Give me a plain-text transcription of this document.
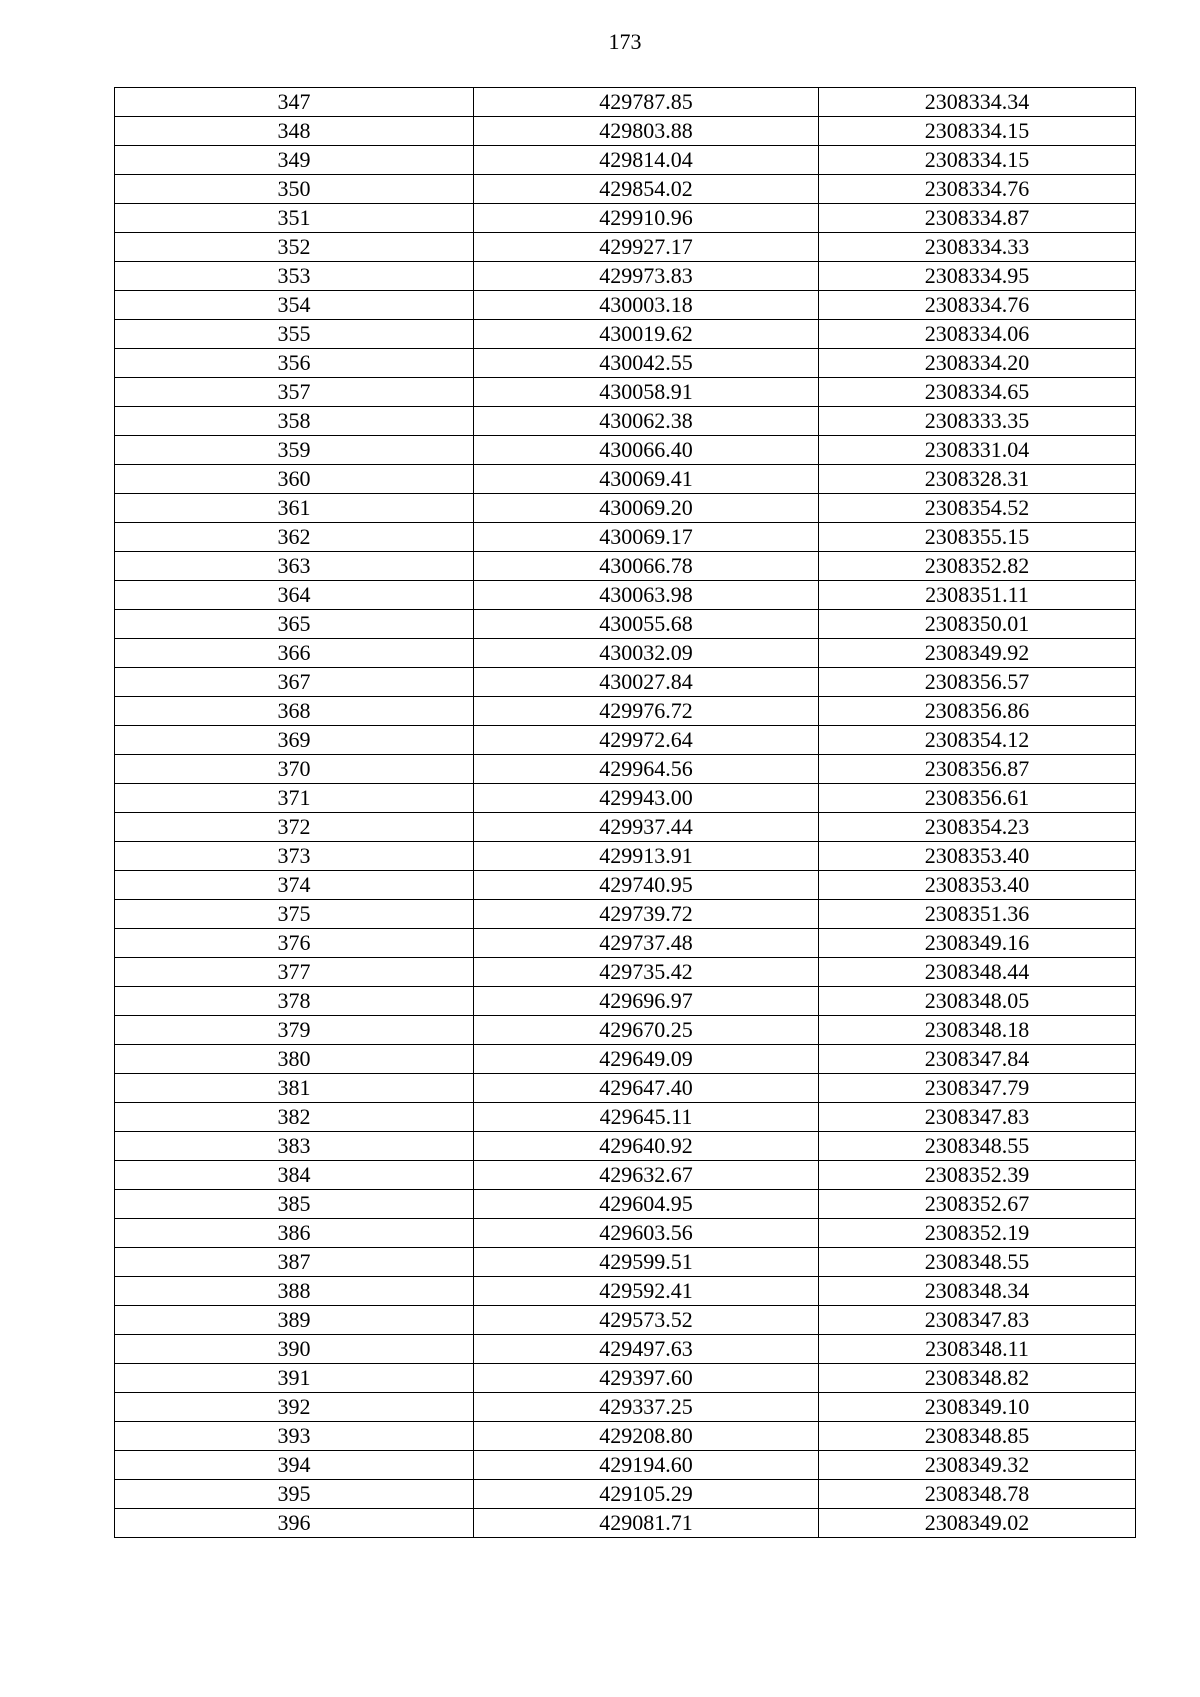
173
347	429787.85	2308334.34
348	429803.88	2308334.15
349	429814.04	2308334.15
350	429854.02	2308334.76
351	429910.96	2308334.87
352	429927.17	2308334.33
353	429973.83	2308334.95
354	430003.18	2308334.76
355	430019.62	2308334.06
356	430042.55	2308334.20
357	430058.91	2308334.65
358	430062.38	2308333.35
359	430066.40	2308331.04
360	430069.41	2308328.31
361	430069.20	2308354.52
362	430069.17	2308355.15
363	430066.78	2308352.82
364	430063.98	2308351.11
365	430055.68	2308350.01
366	430032.09	2308349.92
367	430027.84	2308356.57
368	429976.72	2308356.86
369	429972.64	2308354.12
370	429964.56	2308356.87
371	429943.00	2308356.61
372	429937.44	2308354.23
373	429913.91	2308353.40
374	429740.95	2308353.40
375	429739.72	2308351.36
376	429737.48	2308349.16
377	429735.42	2308348.44
378	429696.97	2308348.05
379	429670.25	2308348.18
380	429649.09	2308347.84
381	429647.40	2308347.79
382	429645.11	2308347.83
383	429640.92	2308348.55
384	429632.67	2308352.39
385	429604.95	2308352.67
386	429603.56	2308352.19
387	429599.51	2308348.55
388	429592.41	2308348.34
389	429573.52	2308347.83
390	429497.63	2308348.11
391	429397.60	2308348.82
392	429337.25	2308349.10
393	429208.80	2308348.85
394	429194.60	2308349.32
395	429105.29	2308348.78
396	429081.71	2308349.02
